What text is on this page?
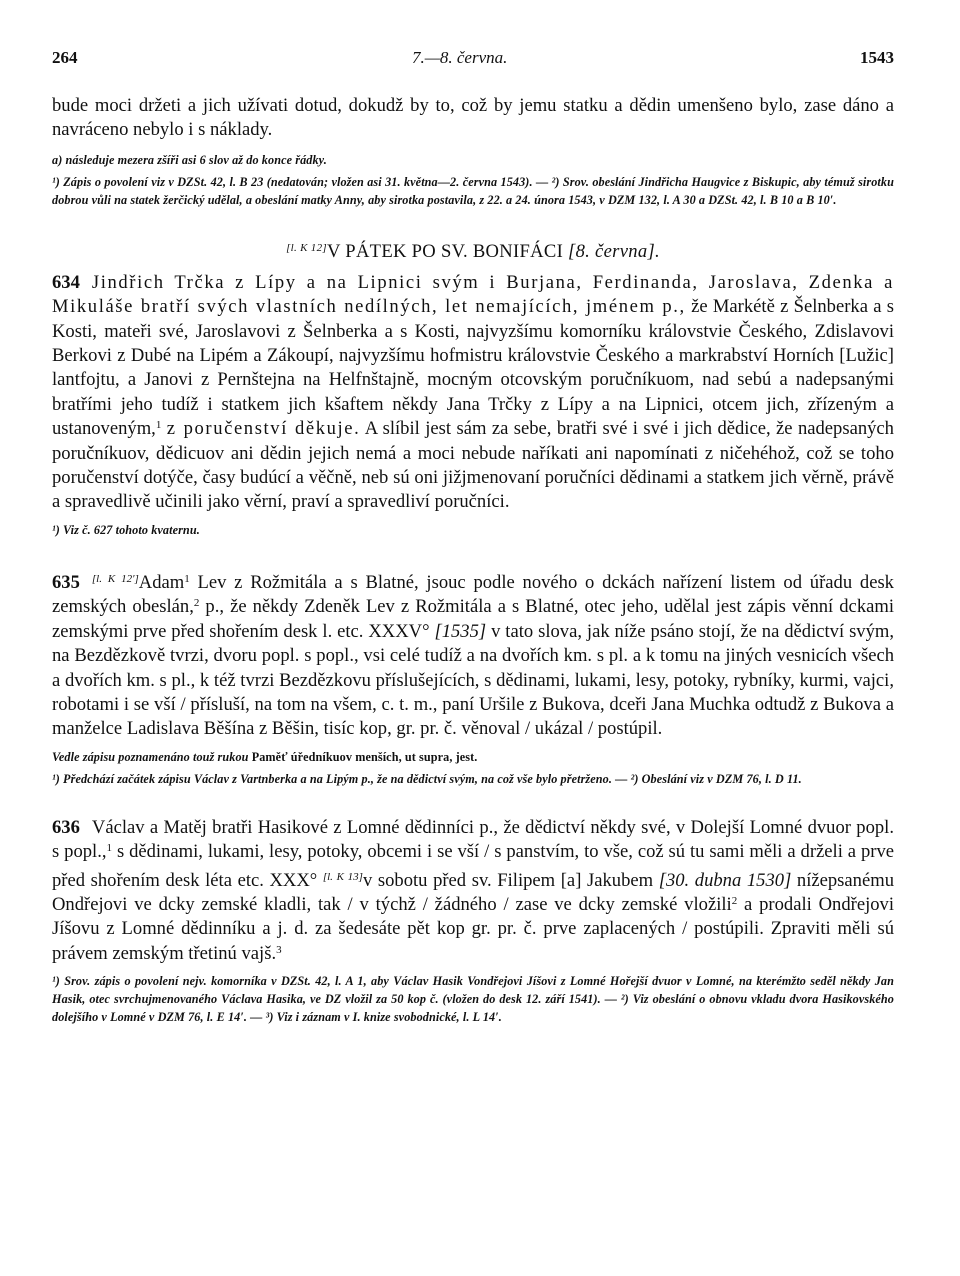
264	7.—8. června.	1543

bude moci držeti a jich užívati dotud, dokudž by to, což by jemu statku a dědin umenšeno bylo, zase dáno a navráceno nebylo i s náklady.

a) následuje mezera zšíři asi 6 slov až do konce řádky.

¹) Zápis o povolení viz v DZSt. 42, l. B 23 (nedatován; vložen asi 31. května—2. června 1543). — ²) Srov. obeslání Jindřicha Haugvice z Biskupic, aby témuž sirotku dobrou vůli na statek žerčický udělal, a obeslání matky Anny, aby sirotka postavila, z 22. a 24. února 1543, v DZM 132, l. A 30 a DZSt. 42, l. B 10 a B 10′.

[l. K 12]V PÁTEK PO SV. BONIFÁCI [8. června].

634 Jindřich Trčka z Lípy a na Lipnici svým i Burjana, Ferdinanda, Jaroslava, Zdenka a Mikuláše bratří svých vlastních nedílných, let nemajících, jménem p., že Markétě z Šelnberka a s Kosti, mateři své, Jaroslavovi z Šelnberka a s Kosti, najvyzšímu komorníku královstvie Českého, Zdislavovi Berkovi z Dubé na Lipém a Zákoupí, najvyzšímu hofmistru královstvie Českého a markrabství Horních [Lužic] lantfojtu, a Janovi z Pernštejna na Helfnštajně, mocným otcovským poručníkuom, nad sebú a nadepsanými bratřími jeho tudíž i statkem jich kšaftem někdy Jana Trčky z Lípy a na Lipnici, otcem jich, zřízeným a ustanoveným,$^1$ z poručenství děkuje. A slíbil jest sám za sebe, bratři své i své i jich dědice, že nadepsaných poručníkuov, dědicuov ani dědin jejich nemá a moci nebude naříkati ani napomínati z ničehéhož, což se toho poručenství dotýče, časy budúcí a věčně, neb sú oni jižjmenovaní poručníci dědinami a statkem jich věrně, právě a spravedlivě učinili jako věrní, praví a spravedliví poručníci.

¹) Viz č. 627 tohoto kvaternu.

635 [l. K 12′]Adam$^1$ Lev z Rožmitála a s Blatné, jsouc podle nového o dckách nařízení listem od úřadu desk zemských obeslán,$^2$ p., že někdy Zdeněk Lev z Rožmitála a s Blatné, otec jeho, udělal jest zápis věnní dckami zemskými prve před shořením desk l. etc. XXXV° [1535] v tato slova, jak níže psáno stojí, že na dědictví svým, na Bezdězkově tvrzi, dvoru popl. s popl., vsi celé tudíž a na dvořích km. s pl. a k tomu na jiných vesnicích všech a dvořích km. s pl., k též tvrzi Bezdězkovu příslušejících, s dědinami, lukami, lesy, potoky, rybníky, kurmi, vajci, robotami i se vší / přísluší, na tom na všem, c. t. m., paní Uršile z Bukova, dceři Jana Muchka odtudž z Bukova a manželce Ladislava Běšína z Běšin, tisíc kop, gr. pr. č. věnoval / ukázal / postúpil.

Vedle zápisu poznamenáno touž rukou Paměť úředníkuov menších, ut supra, jest.

¹) Předchází začátek zápisu Václav z Vartnberka a na Lipým p., že na dědictví svým, na což vše bylo přetrženo. — ²) Obeslání viz v DZM 76, l. D 11.

636 Václav a Matěj bratři Hasikové z Lomné dědinníci p., že dědictví někdy své, v Dolejší Lomné dvuor popl. s popl.,$^1$ s dědinami, lukami, lesy, potoky, obcemi i se vší / s panstvím, to vše, což sú tu sami měli a drželi a prve před shořením desk léta etc. XXX° [l. K 13]v sobotu před sv. Filipem [a] Jakubem [30. dubna 1530] nížepsanému Ondřejovi ve dcky zemské kladli, tak / v týchž / žádného / zase ve dcky zemské vložili$^2$ a prodali Ondřejovi Jíšovu z Lomné dědinníku a j. d. za šedesáte pět kop gr. pr. č. prve zaplacených / postúpili. Zpraviti měli sú právem zemským třetinú vajš.$^3$

¹) Srov. zápis o povolení nejv. komorníka v DZSt. 42, l. A 1, aby Václav Hasik Vondřejovi Jíšovi z Lomné Hořejší dvuor v Lomné, na kterémžto seděl někdy Jan Hasik, otec svrchujmenovaného Václava Hasika, ve DZ vložil za 50 kop č. (vložen do desk 12. září 1541). — ²) Viz obeslání o obnovu vkladu dvora Hasikovského dolejšího v Lomné v DZM 76, l. E 14′. — ³) Viz i záznam v I. knize svobodnické, l. L 14′.
